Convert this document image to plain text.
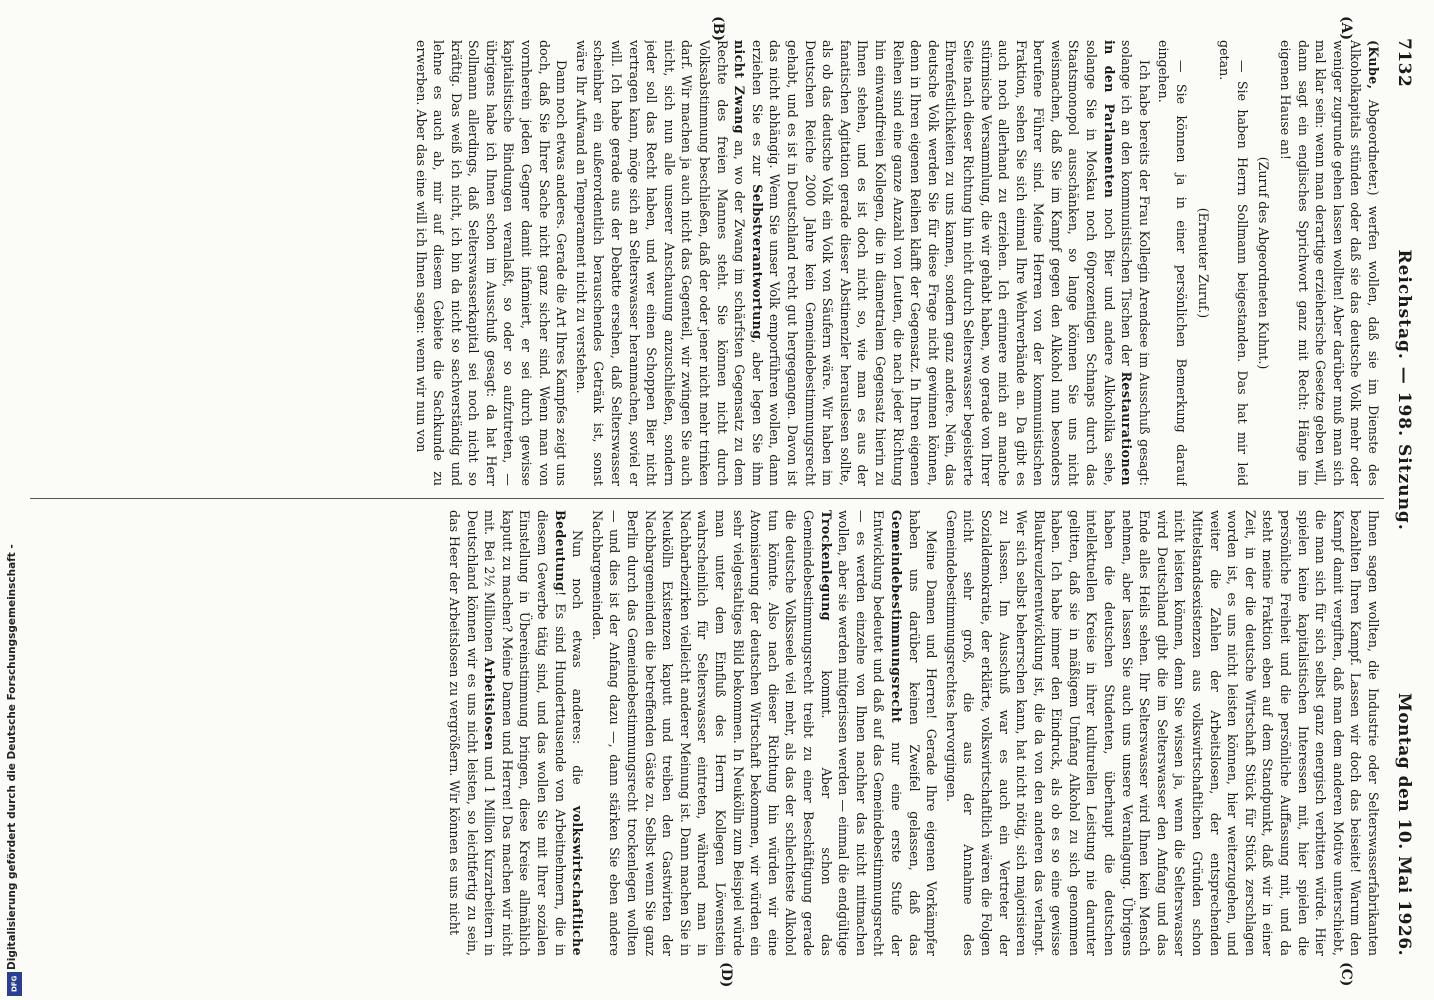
7132
Reichstag. — 198. Sitzung.
Montag den 10. Mai 1926.
(A)
(B)
(C)
(D)

(Kube, Abgeordneter.) werfen wollen, daß sie im Dienste des Alkoholkapitals stünden oder daß sie das deutsche Volk mehr oder weniger zugrunde gehen lassen wollten! Aber darüber muß man sich mal klar sein: wenn man derartige erzieherische Gesetze geben will, dann sagt ein englisches Sprichwort ganz mit Recht: Hänge im eigenen Hause an!

(Zuruf des Abgeordneten Kuhnt.)

— Sie haben Herrn Sollmann beigestanden. Das hat mir leid getan.

(Erneuter Zuruf.)

— Sie können ja in einer persönlichen Bemerkung darauf eingehen.

Ich habe bereits der Frau Kollegin Arendsee im Ausschuß gesagt: solange ich an den kommunistischen Tischen der Restaurationen in den Parlamenten noch Bier und andere Alkoholika sehe, solange Sie in Moskau noch 60prozentigen Schnaps durch das Staatsmonopol ausschänken, so lange können Sie uns nicht weismachen, daß Sie im Kampf gegen den Alkohol nun besonders berufene Führer sind. Meine Herren von der kommunistischen Fraktion, sehen Sie sich einmal Ihre Wehrverbände an. Da gibt es auch noch allerhand zu erziehen. Ich erinnere mich an manche stürmische Versammlung, die wir gehabt haben, wo gerade von Ihrer Seite nach dieser Richtung hin nicht durch Selterswasser begeisterte Ehrenfestlichkeiten zu uns kamen, sondern ganz andere. Nein, das deutsche Volk werden Sie für diese Frage nicht gewinnen können, denn in Ihren eigenen Reihen klafft der Gegensatz. In Ihren eigenen Reihen sind eine ganze Anzahl von Leuten, die nach jeder Richtung hin einwandfreien Kollegen, die in diametralem Gegensatz hierin zu Ihnen stehen, und es ist doch nicht so, wie man es aus der fanatischen Agitation gerade dieser Abstinenzler herauslesen sollte, als ob das deutsche Volk ein Volk von Säufern wäre. Wir haben im Deutschen Reiche 2000 Jahre kein Gemeindebestimmungsrecht gehabt, und es ist in Deutschland recht gut hergegangen. Davon ist das nicht abhängig. Wenn Sie unser Volk emporführen wollen, dann erziehen Sie es zur Selbstverantwortung, aber legen Sie ihm nicht Zwang an, wo der Zwang im schärfsten Gegensatz zu dem Rechte des freien Mannes steht. Sie können nicht durch Volksabstimmung beschließen, daß der oder jener nicht mehr trinken darf. Wir machen ja auch nicht das Gegenteil, wir zwingen Sie auch nicht, sich nun alle unserer Anschauung anzuschließen, sondern jeder soll das Recht haben, und wer einen Schoppen Bier nicht vertragen kann, möge sich an Selterswasser heranmachen, soviel er will. Ich habe gerade aus der Debatte ersehen, daß Selterswasser scheinbar ein außerordentlich berauschendes Getränk ist, sonst wäre Ihr Aufwand an Temperament nicht zu verstehen.

Dann noch etwas anderes. Gerade die Art Ihres Kampfes zeigt uns doch, daß Sie Ihrer Sache nicht ganz sicher sind. Wenn man von vornherein jeden Gegner damit infamiert, er sei durch gewisse kapitalistische Bindungen veranlaßt, so oder so aufzutreten, — übrigens habe ich Ihnen schon im Ausschuß gesagt: da hat Herr Sollmann allerdings, daß Selterswasserkapital sei noch nicht so kräftig. Das weiß ich nicht, ich bin da nicht so sachverständig und lehne es auch ab, mir auf diesem Gebiete die Sachkunde zu erwerben. Aber das eine will ich Ihnen sagen: wenn wir nun von

Ihnen sagen wollten, die Industrie oder Selterswasserfabrikanten bezahlten Ihren Kampf. Lassen wir doch das beiseite! Warum den Kampf damit vergiften, daß man dem anderen Motive unterschiebt, die man sich für sich selbst ganz energisch verbitten würde. Hier spielen keine kapitalistischen Interessen mit, hier spielen die persönliche Freiheit und die persönliche Auffassung mit, und da steht meine Fraktion eben auf dem Standpunkt, daß wir in einer Zeit, in der die deutsche Wirtschaft Stück für Stück zerschlagen worden ist, es uns nicht leisten können, hier weiterzugehen, und weiter die Zahlen der Arbeitslosen, der entsprechenden Mittelstandsexistenzen aus volkswirtschaftlichen Gründen schon nicht leisten können, denn Sie wissen ja, wenn die Selterswasser wird Deutschland gibt die im Selterswasser den Anfang und das Ende alles Heils sehen. Ihr Selterswasser wird Ihnen kein Mensch nehmen, aber lassen Sie auch uns unsere Veranlagung. Übrigens haben die deutschen Studenten, überhaupt die deutschen intellektuellen Kreise in ihrer kulturellen Leistung nie darunter gelitten, daß sie in mäßigem Umfang Alkohol zu sich genommen haben. Ich habe immer den Eindruck, als ob es so eine gewisse Blaukreuzlerentwicklung ist, die da von den anderen das verlangt. Wer sich selbst beherrschen kann, hat nicht nötig, sich majorisieren zu lassen. Im Ausschuß war es auch ein Vertreter der Sozialdemokratie, der erklärte, volkswirtschaftlich wären die Folgen nicht sehr groß, die aus der Annahme des Gemeindebestimmungsrechtes hervorgingen.

Meine Damen und Herren! Gerade Ihre eigenen Vorkämpfer haben uns darüber keinen Zweifel gelassen, daß das Gemeindebestimmungsrecht nur eine erste Stufe der Entwicklung bedeutet und daß auf das Gemeindebestimmungsrecht — es werden einzelne von Ihnen nachher das nicht mitmachen wollen, aber sie werden mitgerissen werden — einmal die endgültige Trockenlegung kommt. Aber schon das Gemeindebestimmungsrecht treibt zu einer Beschäftigung gerade die deutsche Volksseele viel mehr, als das der schlechteste Alkohol tun könnte. Also nach dieser Richtung hin würden wir eine Atomisierung der deutschen Wirtschaft bekommen, wir würden ein sehr vielgestaltiges Bild bekommen. In Neukölln zum Beispiel würde man unter dem Einfluß des Herrn Kollegen Löwenstein wahrscheinlich für Selterswasser eintreten, während man in Nachbarbezirken vielleicht anderer Meinung ist. Dann machen Sie in Neukölln Existenzen kaputt und treiben den Gastwirten der Nachbargemeinden die betreffenden Gäste zu. Selbst wenn Sie ganz Berlin durch das Gemeindebestimmungsrecht trockenlegen wollten — und dies ist der Anfang dazu —, dann stärken Sie eben andere Nachbargemeinden.

Nun noch etwas anderes: die volkswirtschaftliche Bedeutung! Es sind Hunderttausende von Arbeitnehmern, die in diesem Gewerbe tätig sind, und das wollen Sie mit Ihrer sozialen Einstellung in Übereinstimmung bringen, diese Kreise allmählich kaputt zu machen? Meine Damen und Herren! Das machen wir nicht mit. Bei 2½ Millionen Arbeitslosen und 1 Million Kurzarbeitern in Deutschland können wir es uns nicht leisten, so leichtfertig zu sein, das Heer der Arbeitslosen zu vergrößern. Wir können es uns nicht

Digitalisierung gefördert durch die Deutsche Forschungsgemeinschaft -
DFG
